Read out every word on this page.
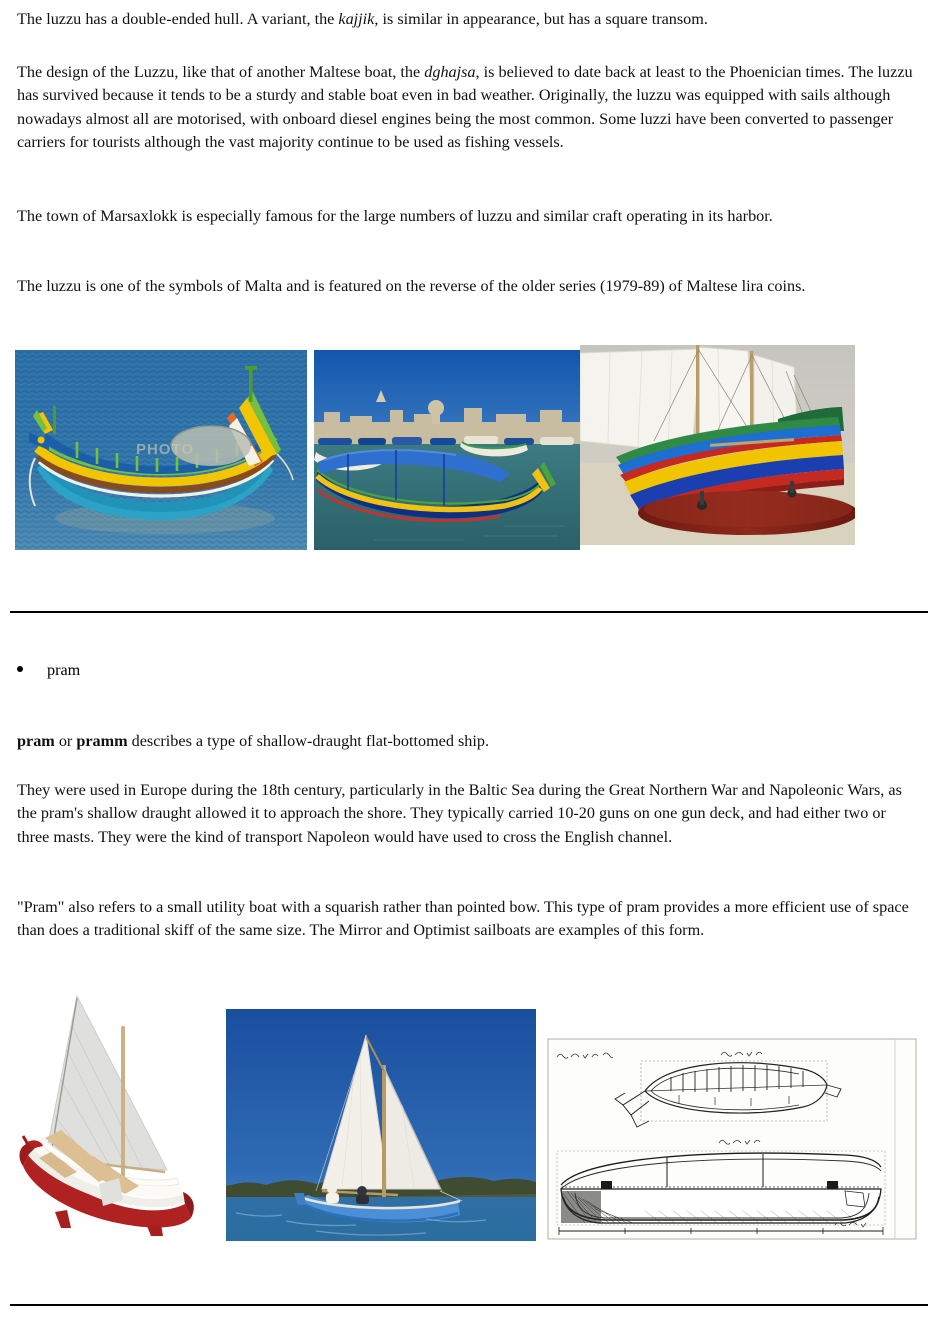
The luzzu has a double-ended hull. A variant, the kajjik, is similar in appearance, but has a square transom.
The design of the Luzzu, like that of another Maltese boat, the dghajsa, is believed to date back at least to the Phoenician times. The luzzu has survived because it tends to be a sturdy and stable boat even in bad weather. Originally, the luzzu was equipped with sails although nowadays almost all are motorised, with onboard diesel engines being the most common. Some luzzi have been converted to passenger carriers for tourists although the vast majority continue to be used as fishing vessels.
The town of Marsaxlokk is especially famous for the large numbers of luzzu and similar craft operating in its harbor.
The luzzu is one of the symbols of Malta and is featured on the reverse of the older series (1979-89) of Maltese lira coins.
PHOTO
pram
pram or pramm describes a type of shallow-draught flat-bottomed ship.
They were used in Europe during the 18th century, particularly in the Baltic Sea during the Great Northern War and Napoleonic Wars, as the pram's shallow draught allowed it to approach the shore. They typically carried 10-20 guns on one gun deck, and had either two or three masts. They were the kind of transport Napoleon would have used to cross the English channel.
"Pram" also refers to a small utility boat with a squarish rather than pointed bow. This type of pram provides a more efficient use of space than does a traditional skiff of the same size. The Mirror and Optimist sailboats are examples of this form.
